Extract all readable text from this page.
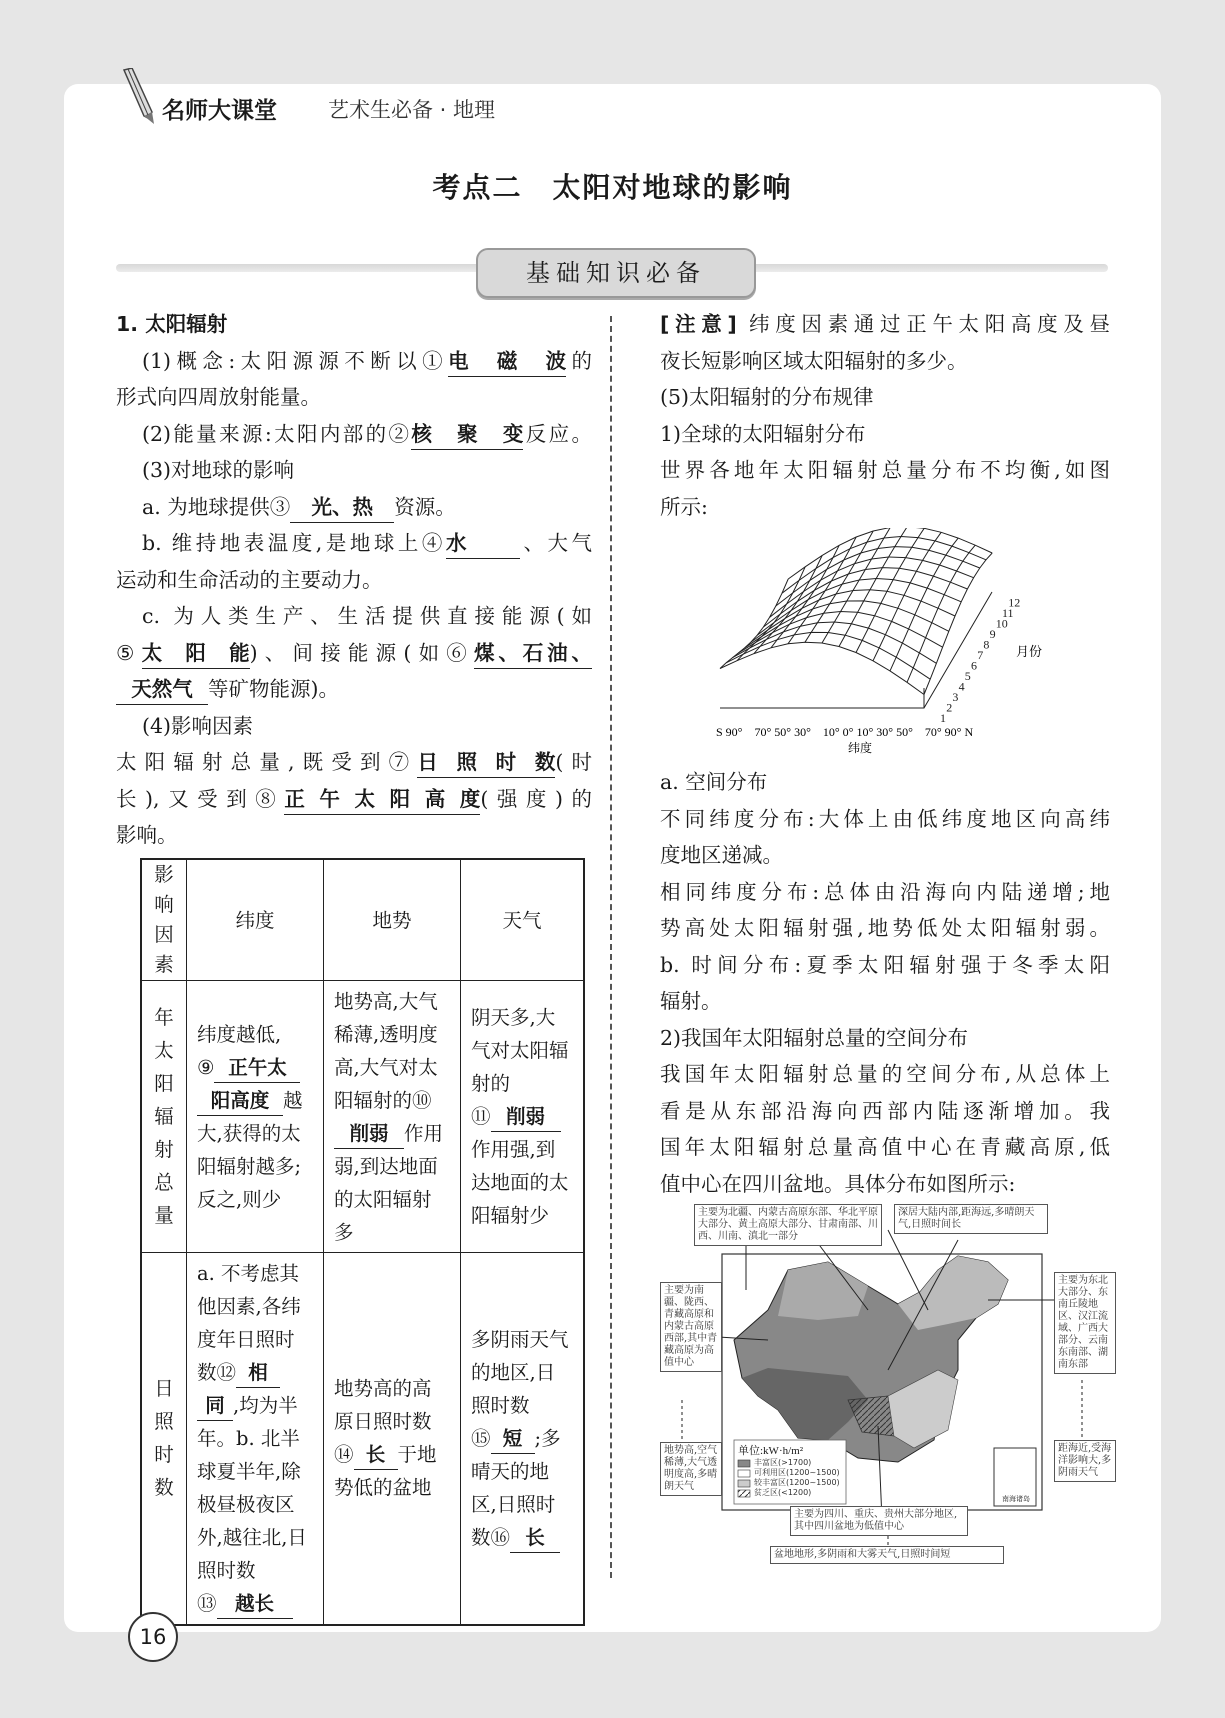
名师大课堂 艺术生必备 · 地理
考点二　太阳对地球的影响
基础知识必备

1. 太阳辐射

(1)概念:太阳源源不断以①电磁波的

形式向四周放射能量。

(2)能量来源:太阳内部的②核聚变反应。

(3)对地球的影响

a. 为地球提供③ 光、热 资源。

b. 维持地表温度,是地球上④水	、大气

运动和生命活动的主要动力。

c. 为人类生产、生活提供直接能源(如

⑤太阳能)、间接能源(如⑥煤、石油、

天然气 等矿物能源)。

(4)影响因素

太阳辐射总量,既受到⑦日照时数(时

长),又受到⑧正午太阳高度(强度)的

影响。

影响因素	纬度	地势	天气
年太阳辐射总量	纬度越低,
⑨ 正午太
阳高度 越 大,获得的太阳辐射越多;反之,则少	地势高,大气稀薄,透明度高,大气对太阳辐射的⑩
削弱 作用弱,到达地面的太阳辐射多	阴天多,大气对太阳辐射的
⑪ 削弱
作用强,到达地面的太阳辐射少
日照时数	a. 不考虑其他因素,各纬度年日照时数⑫ 相
同 ,均为半年。b. 北半球夏半年,除极昼极夜区外,越往北,日照时数
⑬ 越长	地势高的高原日照时数
⑭ 长 于地势低的盆地	多阴雨天气的地区,日照时数
⑮ 短 ;多晴天的地区,日照时数⑯ 长

[注意] 纬度因素通过正午太阳高度及昼

夜长短影响区域太阳辐射的多少。

(5)太阳辐射的分布规律

1)全球的太阳辐射分布

世界各地年太阳辐射总量分布不均衡,如图

所示:

S 90°　70° 50° 30°　10° 0° 10° 30° 50°　70° 90° N
纬度
月份
1
2
3
4
5
6
7
8
9
10
11
12

a. 空间分布

不同纬度分布:大体上由低纬度地区向高纬

度地区递减。

相同纬度分布:总体由沿海向内陆递增;地

势高处太阳辐射强,地势低处太阳辐射弱。

b. 时间分布:夏季太阳辐射强于冬季太阳

辐射。

2)我国年太阳辐射总量的空间分布

我国年太阳辐射总量的空间分布,从总体上

看是从东部沿海向西部内陆逐渐增加。我

国年太阳辐射总量高值中心在青藏高原,低

值中心在四川盆地。具体分布如图所示:

主要为北疆、内蒙古高原东部、华北平原大部分、黄土高原大部分、甘肃南部、川西、川南、滇北一部分
深居大陆内部,距海远,多晴朗天气,日照时间长
主要为南疆、陇西、青藏高原和内蒙古高原西部,其中青藏高原为高值中心
地势高,空气稀薄,大气透明度高,多晴朗天气
主要为东北大部分、东南丘陵地区、汉江流域、广西大部分、云南东南部、湖南东部
距海近,受海洋影响大,多阴雨天气
主要为四川、重庆、贵州大部分地区,其中四川盆地为低值中心
盆地地形,多阴雨和大雾天气,日照时间短
单位:kW·h/m²
丰富区(>1700)
可利用区(1200~1500)
较丰富区(1200~1500)
贫乏区(<1200)
南海诸岛
16
